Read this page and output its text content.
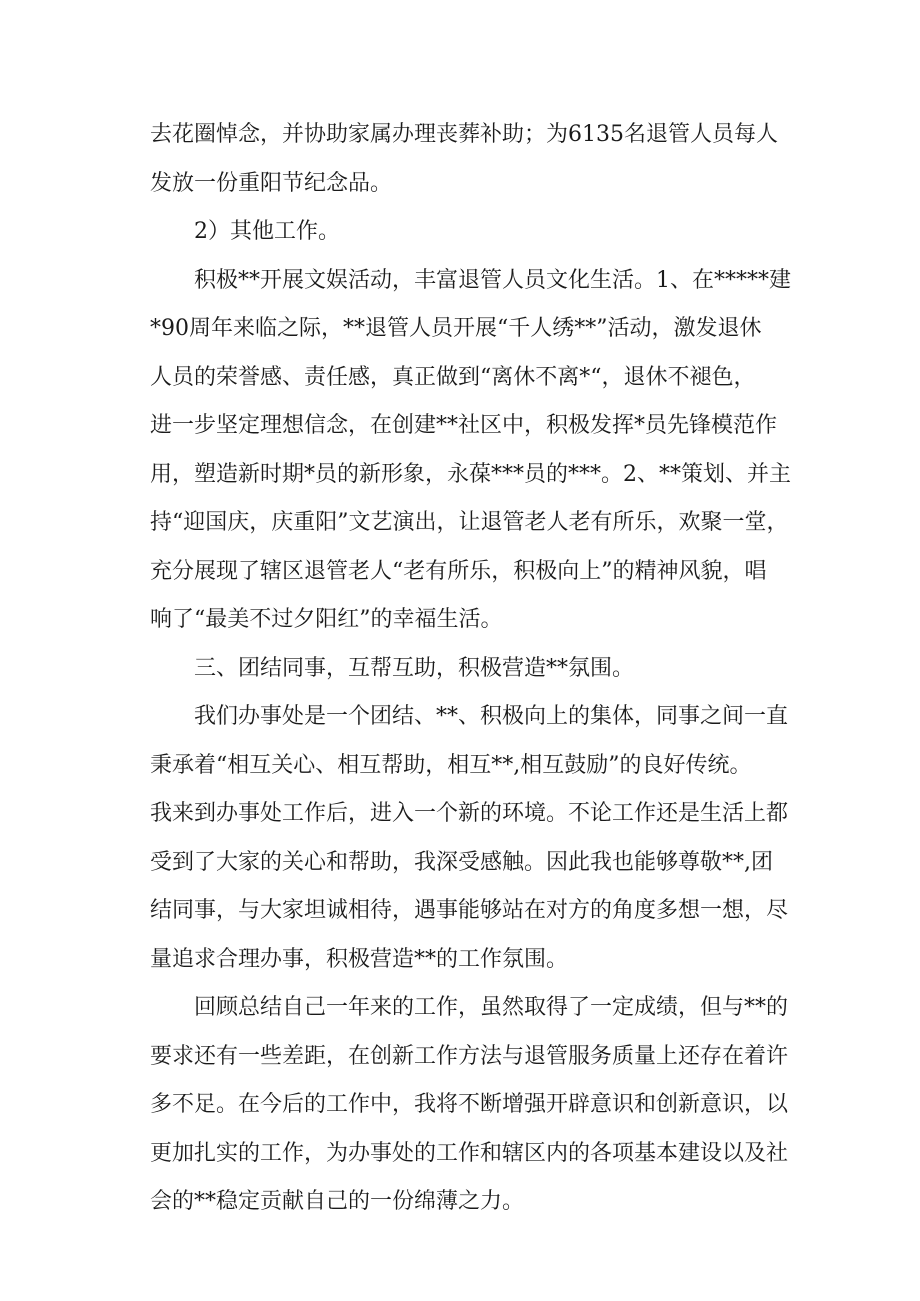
去花圈悼念，并协助家属办理丧葬补助；为6135名退管人员每人
发放一份重阳节纪念品。
　　2）其他工作。
　　积极**开展文娱活动，丰富退管人员文化生活。1、在*****建
*90周年来临之际，**退管人员开展“千人绣**”活动，激发退休
人员的荣誉感、责任感，真正做到“离休不离*“，退休不褪色，
进一步坚定理想信念，在创建**社区中，积极发挥*员先锋模范作
用，塑造新时期*员的新形象，永葆***员的***。2、**策划、并主
持“迎国庆，庆重阳”文艺演出，让退管老人老有所乐，欢聚一堂，
充分展现了辖区退管老人“老有所乐，积极向上”的精神风貌，唱
响了“最美不过夕阳红”的幸福生活。
　　三、团结同事，互帮互助，积极营造**氛围。
　　我们办事处是一个团结、**、积极向上的集体，同事之间一直
秉承着“相互关心、相互帮助，相互**,相互鼓励”的良好传统。
我来到办事处工作后，进入一个新的环境。不论工作还是生活上都
受到了大家的关心和帮助，我深受感触。因此我也能够尊敬**,团
结同事，与大家坦诚相待，遇事能够站在对方的角度多想一想，尽
量追求合理办事，积极营造**的工作氛围。
　　回顾总结自己一年来的工作，虽然取得了一定成绩，但与**的
要求还有一些差距，在创新工作方法与退管服务质量上还存在着许
多不足。在今后的工作中，我将不断增强开辟意识和创新意识，以
更加扎实的工作，为办事处的工作和辖区内的各项基本建设以及社
会的**稳定贡献自己的一份绵薄之力。
